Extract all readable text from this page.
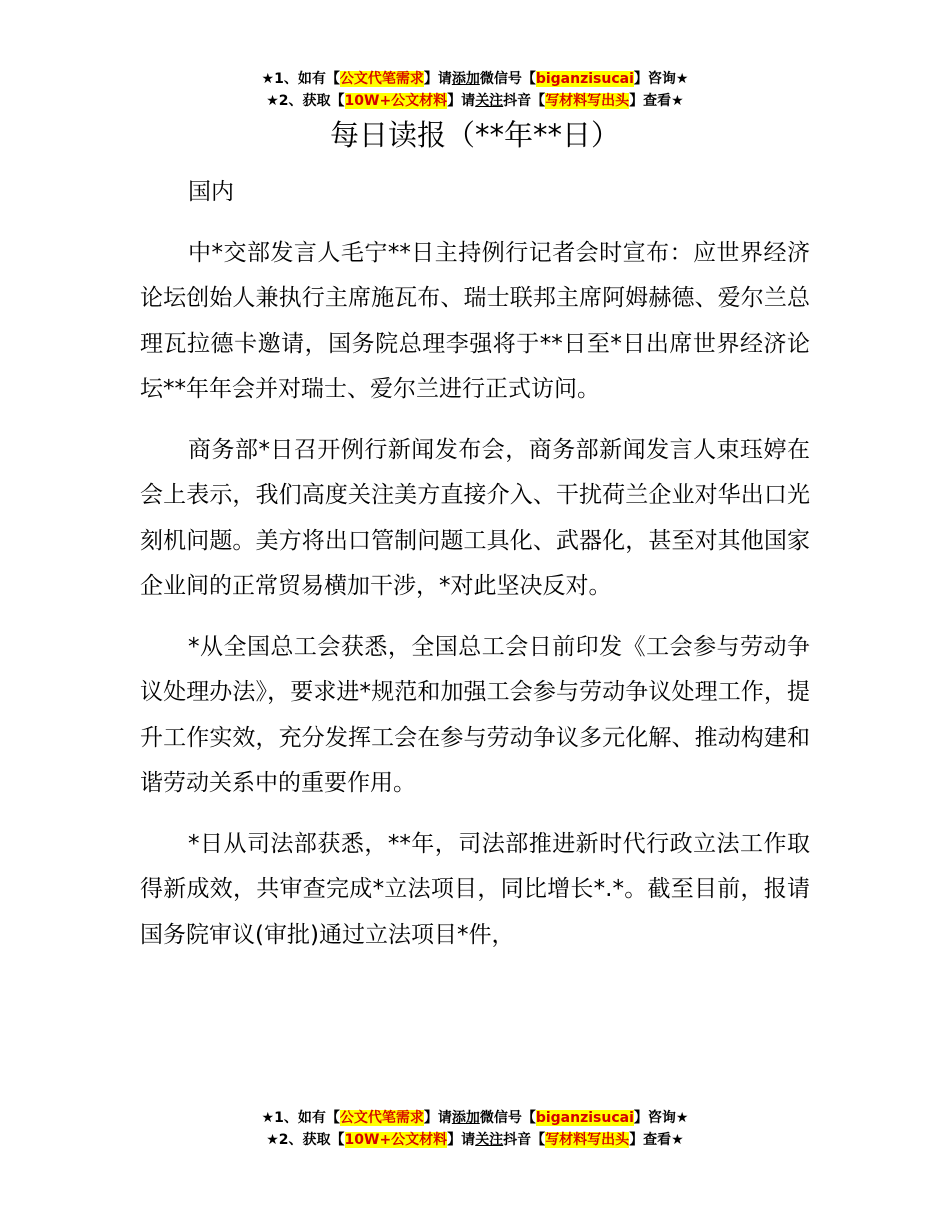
★1、如有【公文代笔需求】请添加微信号【biganzisucai】咨询★
★2、获取【10W+公文材料】请关注抖音【写材料写出头】查看★
每日读报（**年**日）

国内

中*交部发言人毛宁**日主持例行记者会时宣布：应世界经济论坛创始人兼执行主席施瓦布、瑞士联邦主席阿姆赫德、爱尔兰总理瓦拉德卡邀请，国务院总理李强将于**日至*日出席世界经济论坛**年年会并对瑞士、爱尔兰进行正式访问。

商务部*日召开例行新闻发布会，商务部新闻发言人束珏婷在会上表示，我们高度关注美方直接介入、干扰荷兰企业对华出口光刻机问题。美方将出口管制问题工具化、武器化，甚至对其他国家企业间的正常贸易横加干涉，*对此坚决反对。

*从全国总工会获悉，全国总工会日前印发《工会参与劳动争议处理办法》，要求进*规范和加强工会参与劳动争议处理工作，提升工作实效，充分发挥工会在参与劳动争议多元化解、推动构建和谐劳动关系中的重要作用。

*日从司法部获悉，**年，司法部推进新时代行政立法工作取得新成效，共审查完成*立法项目，同比增长*.*。截至目前，报请国务院审议(审批)通过立法项目*件，

★1、如有【公文代笔需求】请添加微信号【biganzisucai】咨询★
★2、获取【10W+公文材料】请关注抖音【写材料写出头】查看★
